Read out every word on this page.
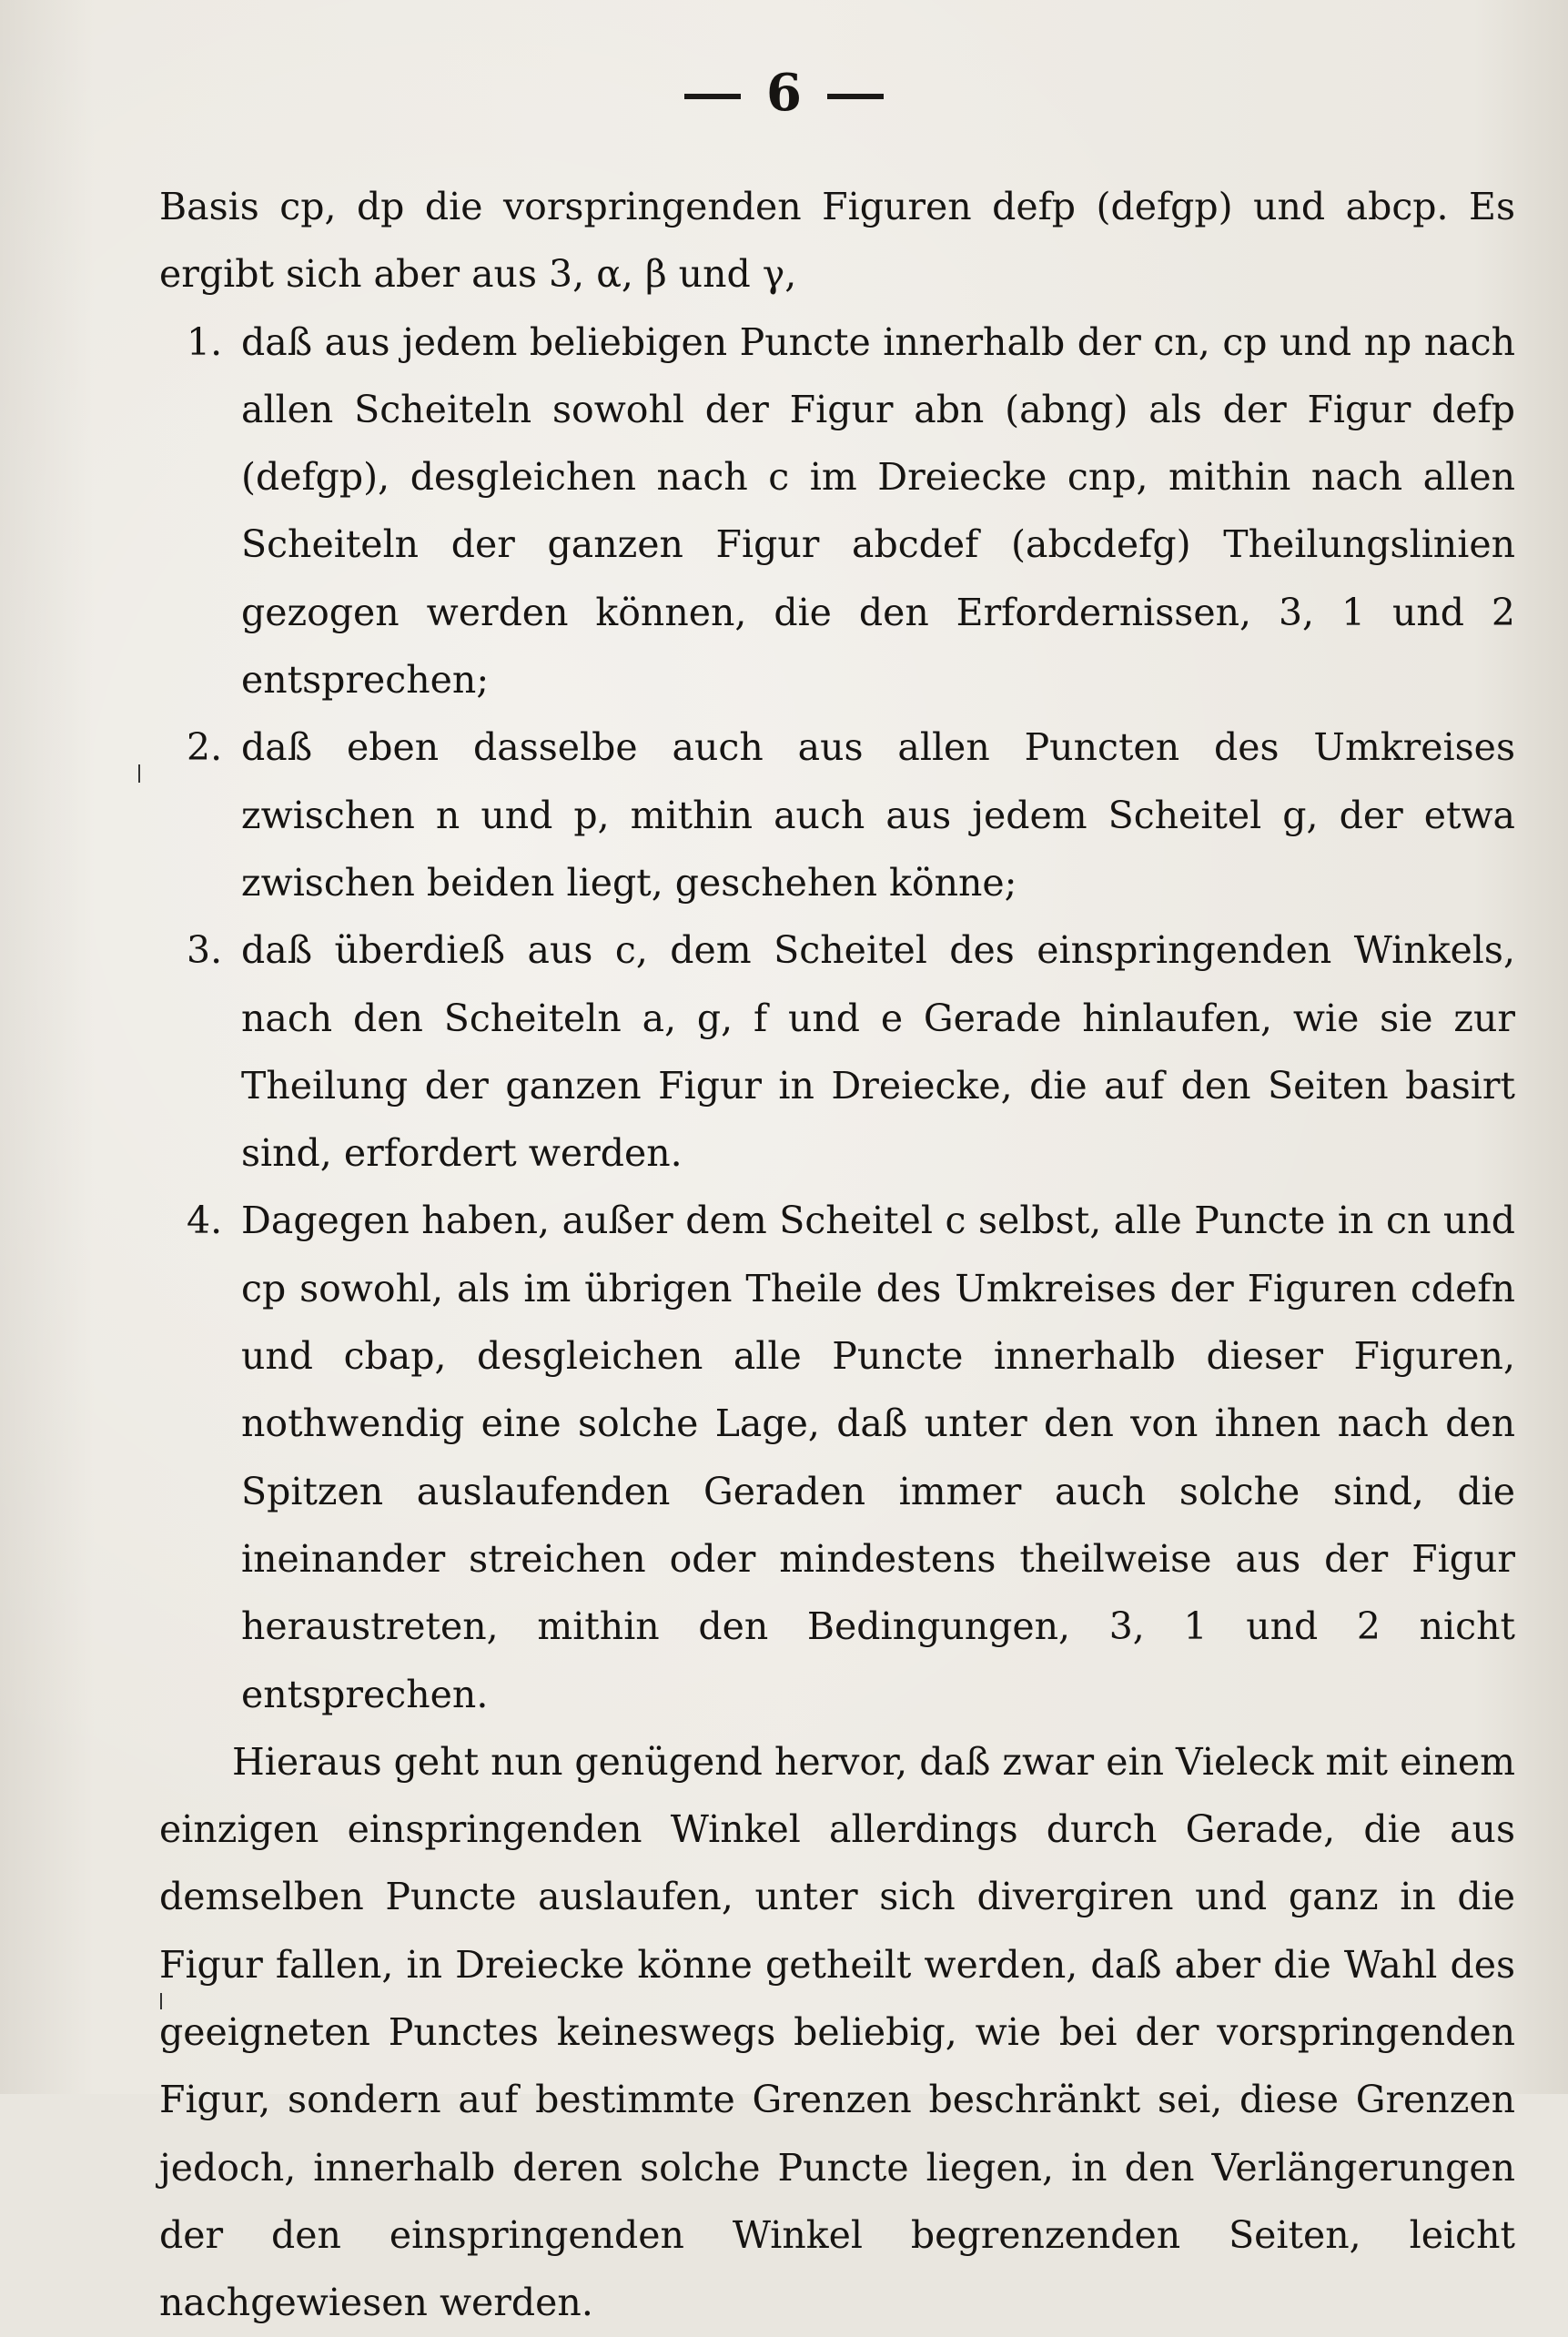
6

Basis cp, dp die vorspringenden Figuren defp (defgp) und abcp. Es

ergibt sich aber aus 3, α, β und γ,

1. daß aus jedem beliebigen Puncte innerhalb der cn, cp und np nach allen Scheiteln sowohl der Figur abn (abng) als der Figur defp (defgp), desgleichen nach c im Dreiecke cnp, mithin nach allen Scheiteln der ganzen Figur abcdef (abcdefg) Theilungslinien gezogen werden können, die den Erfordernissen, 3, 1 und 2 entsprechen;
2. daß eben dasselbe auch aus allen Puncten des Umkreises zwischen n und p, mithin auch aus jedem Scheitel g, der etwa zwischen beiden liegt, geschehen könne;
3. daß überdieß aus c, dem Scheitel des einspringenden Winkels, nach den Scheiteln a, g, f und e Gerade hinlaufen, wie sie zur Theilung der ganzen Figur in Dreiecke, die auf den Seiten basirt sind, erfordert werden.
4. Dagegen haben, außer dem Scheitel c selbst, alle Puncte in cn und cp sowohl, als im übrigen Theile des Umkreises der Figuren cdefn und cbap, desgleichen alle Puncte innerhalb dieser Figuren, nothwendig eine solche Lage, daß unter den von ihnen nach den Spitzen auslaufenden Geraden immer auch solche sind, die ineinander streichen oder mindestens theilweise aus der Figur heraustreten, mithin den Bedingungen, 3, 1 und 2 nicht entsprechen.

Hieraus geht nun genügend hervor, daß zwar ein Vieleck mit einem einzigen einspringenden Winkel allerdings durch Gerade, die aus demselben Puncte auslaufen, unter sich divergiren und ganz in die Figur fallen, in Dreiecke könne getheilt werden, daß aber die Wahl des geeigneten Punctes keineswegs beliebig, wie bei der vorspringenden Figur, sondern auf bestimmte Grenzen beschränkt sei, diese Grenzen jedoch, innerhalb deren solche Puncte liegen, in den Verlängerungen der den einspringenden Winkel begrenzenden Seiten, leicht nachgewiesen werden.
